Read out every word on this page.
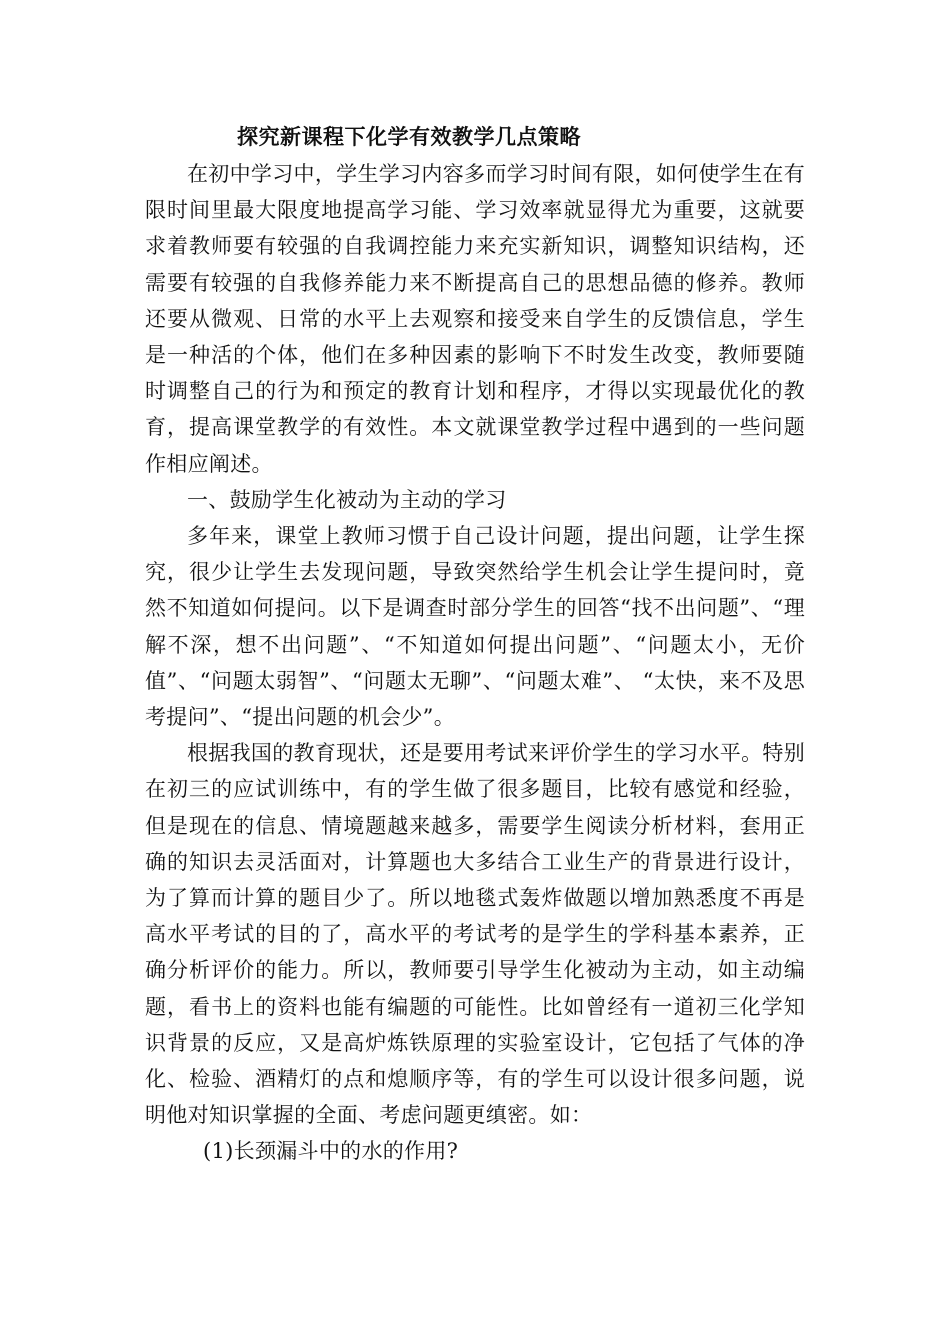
探究新课程下化学有效教学几点策略

在初中学习中，学生学习内容多而学习时间有限，如何使学生在有限时间里最大限度地提高学习能、学习效率就显得尤为重要，这就要求着教师要有较强的自我调控能力来充实新知识，调整知识结构，还需要有较强的自我修养能力来不断提高自己的思想品德的修养。教师还要从微观、日常的水平上去观察和接受来自学生的反馈信息，学生是一种活的个体，他们在多种因素的影响下不时发生改变，教师要随时调整自己的行为和预定的教育计划和程序，才得以实现最优化的教育，提高课堂教学的有效性。本文就课堂教学过程中遇到的一些问题作相应阐述。

一、鼓励学生化被动为主动的学习

多年来，课堂上教师习惯于自己设计问题，提出问题，让学生探究，很少让学生去发现问题，导致突然给学生机会让学生提问时，竟然不知道如何提问。以下是调查时部分学生的回答“找不出问题”、“理解不深，想不出问题”、“不知道如何提出问题”、“问题太小，无价值”、“问题太弱智”、“问题太无聊”、“问题太难”、 “太快，来不及思考提问”、“提出问题的机会少”。

根据我国的教育现状，还是要用考试来评价学生的学习水平。特别在初三的应试训练中，有的学生做了很多题目，比较有感觉和经验，但是现在的信息、情境题越来越多，需要学生阅读分析材料，套用正确的知识去灵活面对，计算题也大多结合工业生产的背景进行设计，为了算而计算的题目少了。所以地毯式轰炸做题以增加熟悉度不再是高水平考试的目的了，高水平的考试考的是学生的学科基本素养，正确分析评价的能力。所以，教师要引导学生化被动为主动，如主动编题，看书上的资料也能有编题的可能性。比如曾经有一道初三化学知识背景的反应，又是高炉炼铁原理的实验室设计，它包括了气体的净化、检验、酒精灯的点和熄顺序等，有的学生可以设计很多问题，说明他对知识掌握的全面、考虑问题更缜密。如：

(1)长颈漏斗中的水的作用?
